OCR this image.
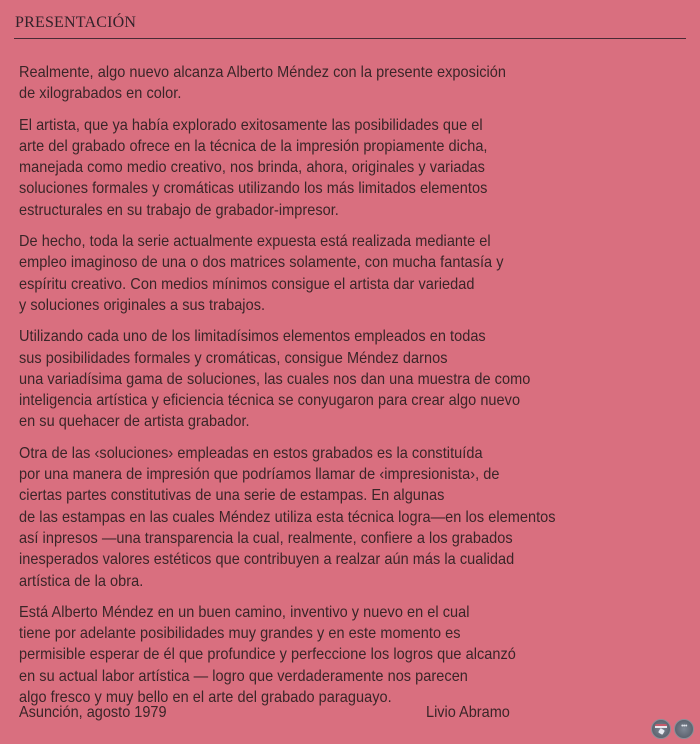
PRESENTACIÓN

Realmente, algo nuevo alcanza Alberto Méndez con la presente exposición
de xilograbados en color.

El artista, que ya había explorado exitosamente las posibilidades que el
arte del grabado ofrece en la técnica de la impresión propiamente dicha,
manejada como medio creativo, nos brinda, ahora, originales y variadas
soluciones formales y cromáticas utilizando los más limitados elementos
estructurales en su trabajo de grabador-impresor.

De hecho, toda la serie actualmente expuesta está realizada mediante el
empleo imaginoso de una o dos matrices solamente, con mucha fantasía y
espíritu creativo. Con medios mínimos consigue el artista dar variedad
y soluciones originales a sus trabajos.

Utilizando cada uno de los limitadísimos elementos empleados en todas
sus posibilidades formales y cromáticas, consigue Méndez darnos
una variadísima gama de soluciones, las cuales nos dan una muestra de como
inteligencia artística y eficiencia técnica se conyugaron para crear algo nuevo
en su quehacer de artista grabador.

Otra de las ‹soluciones› empleadas en estos grabados es la constituída
por una manera de impresión que podríamos llamar de ‹impresionista›, de
ciertas partes constitutivas de una serie de estampas. En algunas
de las estampas en las cuales Méndez utiliza esta técnica logra—en los elementos
así inpresos —una transparencia la cual, realmente, confiere a los grabados
inesperados valores estéticos que contribuyen a realzar aún más la cualidad
artística de la obra.

Está Alberto Méndez en un buen camino, inventivo y nuevo en el cual
tiene por adelante posibilidades muy grandes y en este momento es
permisible esperar de él que profundice y perfeccione los logros que alcanzó
en su actual labor artística — logro que verdaderamente nos parecen
algo fresco y muy bello en el arte del grabado paraguayo.

Asunción, agosto 1979	Livio Abramo
•••
